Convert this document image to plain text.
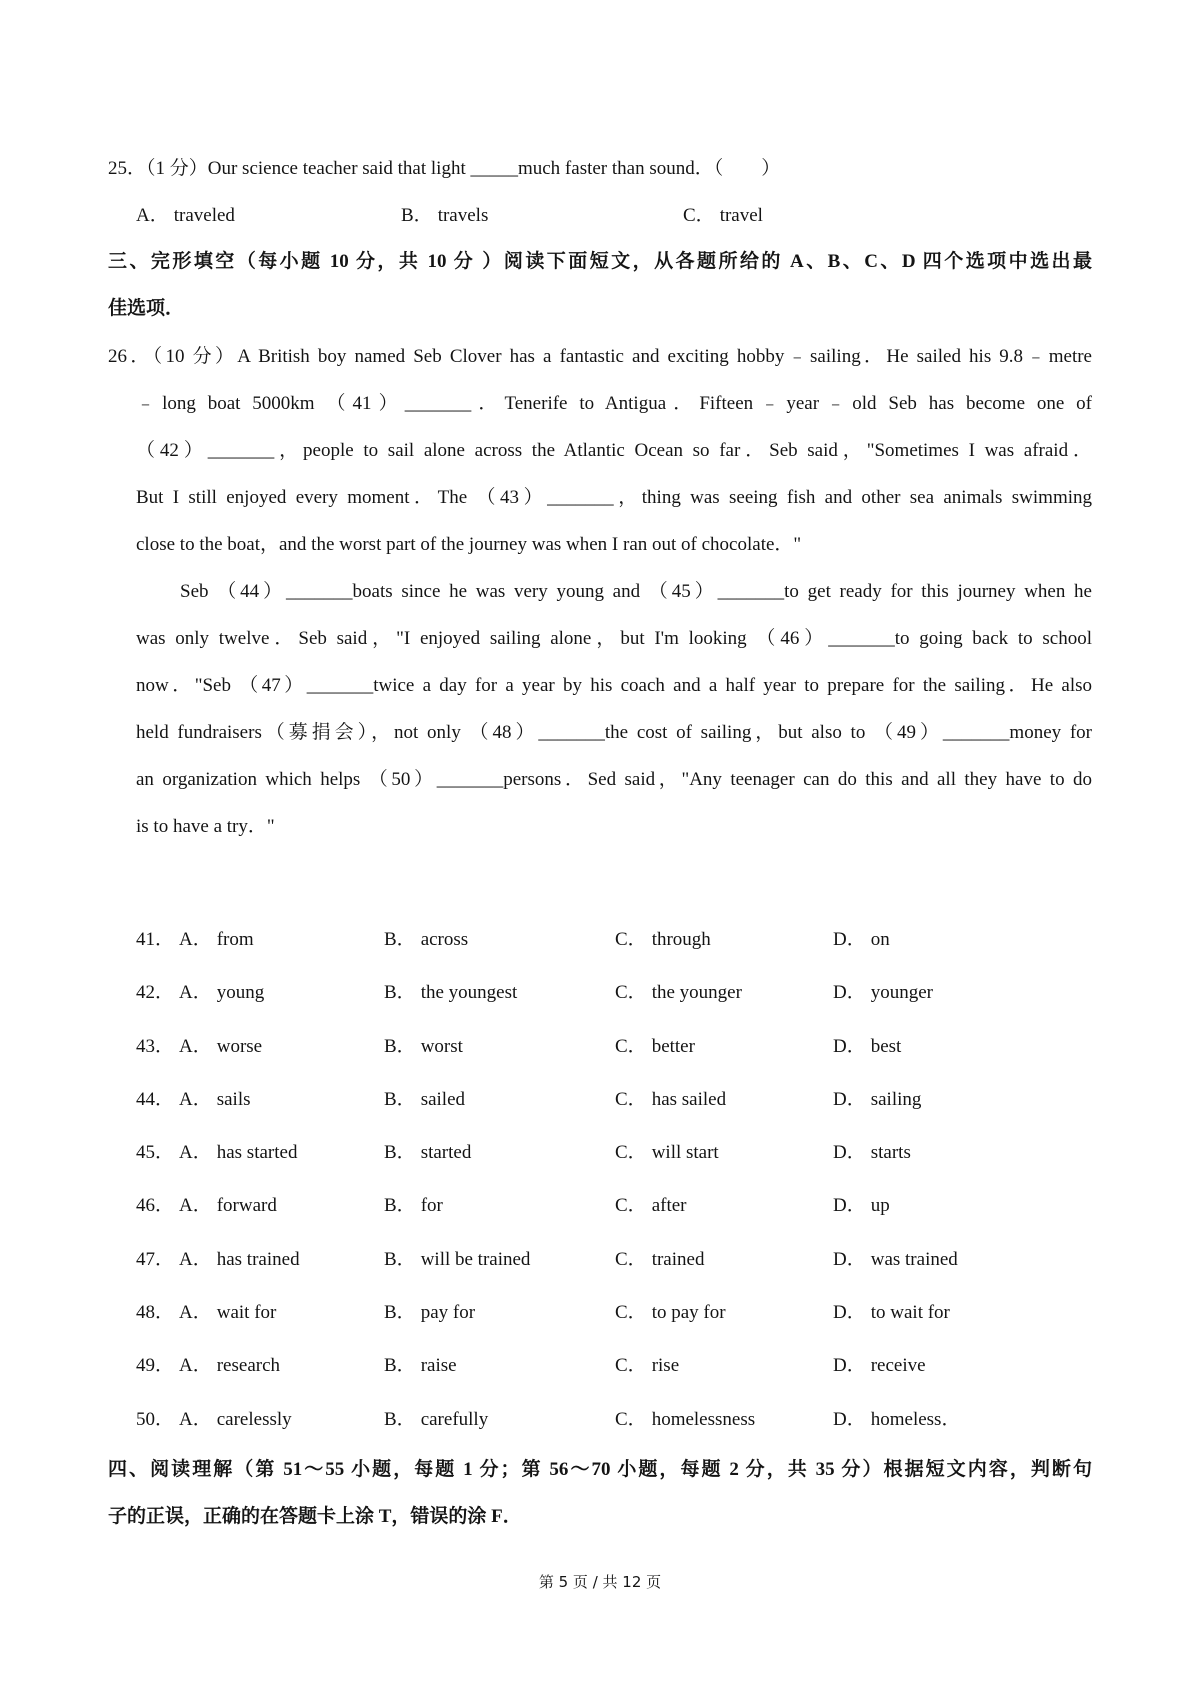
25．（1 分）Our science teacher said that light _____much faster than sound．（　　）
A． traveled	B． travels	C． travel
三、完形填空（每小题 10 分，共 10 分 ）阅读下面短文，从各题所给的 A、B、C、D 四个选项中选出最
佳选项．
26．（10 分）A British boy named Seb Clover has a fantastic and exciting hobby﹣sailing．He sailed his 9.8﹣metre
﹣long boat 5000km （41）_______．Tenerife to Antigua．Fifteen﹣year﹣old Seb has become one of
（42）_______，people to sail alone across the Atlantic Ocean so far．Seb said，"Sometimes I was afraid．
But I still enjoyed every moment．The （43）_______，thing was seeing fish and other sea animals swimming
close to the boat，and the worst part of the journey was when I ran out of chocolate．"
Seb （44）_______boats since he was very young and （45）_______to get ready for this journey when he
was only twelve．Seb said，"I enjoyed sailing alone，but I'm looking （46）_______to going back to school
now．"Seb （47）_______twice a day for a year by his coach and a half year to prepare for the sailing．He also
held fundraisers（募捐会），not only （48）_______the cost of sailing，but also to （49）_______money for
an organization which helps （50）_______persons．Sed said，"Any teenager can do this and all they have to do
is to have a try．"
41． A． from	B． across	C． through	D． on
42． A． young	B． the youngest	C． the younger	D． younger
43． A． worse	B． worst	C． better	D． best
44． A． sails	B． sailed	C． has sailed	D． sailing
45． A． has started	B． started	C． will start	D． starts
46． A． forward	B． for	C． after	D． up
47． A． has trained	B． will be trained	C． trained	D． was trained
48． A． wait for	B． pay for	C． to pay for	D． to wait for
49． A． research	B． raise	C． rise	D． receive
50． A． carelessly	B． carefully	C． homelessness	D． homeless．
四、阅读理解（第 51～55 小题，每题 1 分；第 56～70 小题，每题 2 分，共 35 分）根据短文内容，判断句
子的正误，正确的在答题卡上涂 T，错误的涂 F．
第 5 页 / 共 12 页
